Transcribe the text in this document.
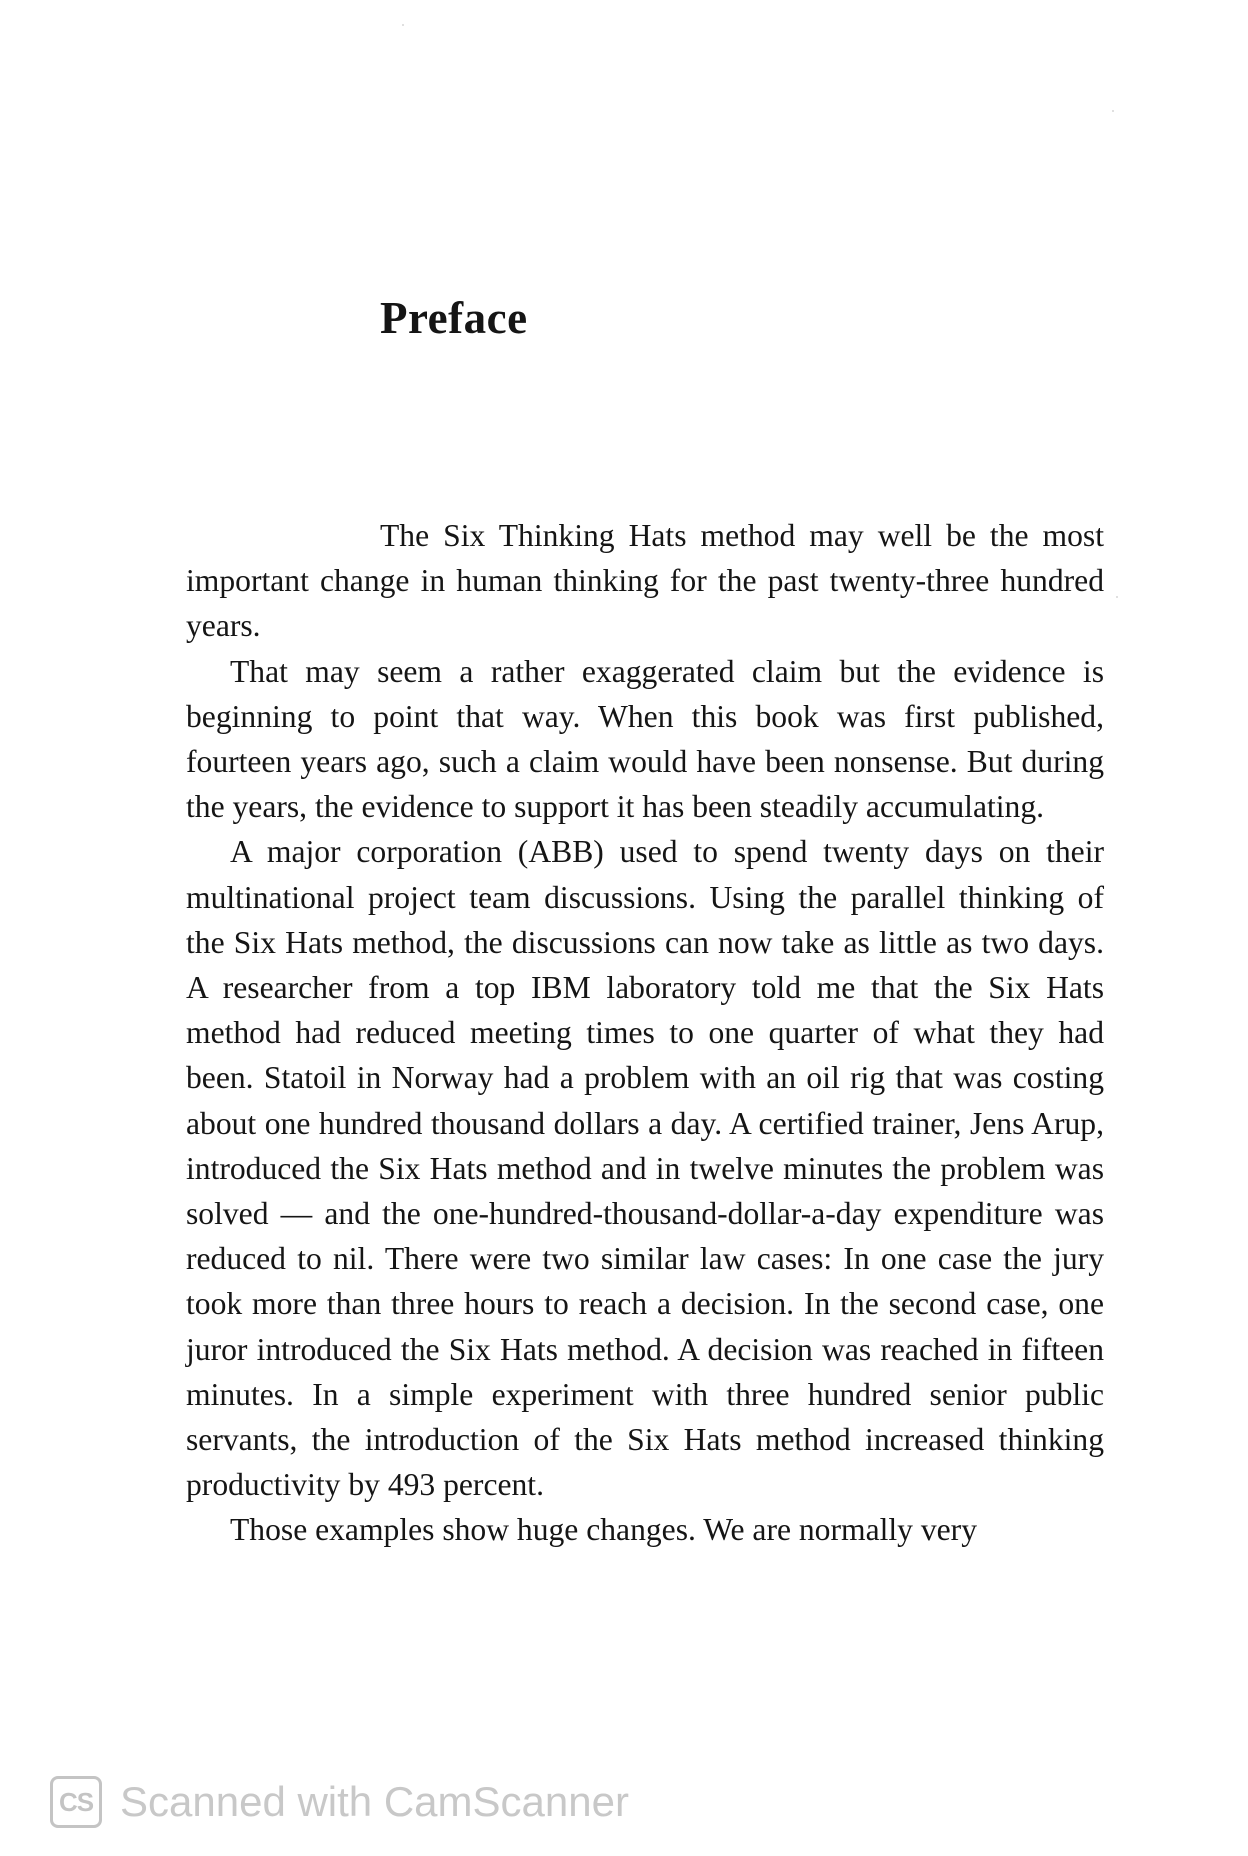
Preface

The Six Thinking Hats method may well be the most important change in human thinking for the past twenty-three hundred years.

That may seem a rather exaggerated claim but the evidence is beginning to point that way. When this book was first published, fourteen years ago, such a claim would have been nonsense. But during the years, the evidence to support it has been steadily accumulating.

A major corporation (ABB) used to spend twenty days on their multinational project team discussions. Using the parallel thinking of the Six Hats method, the discussions can now take as little as two days. A researcher from a top IBM laboratory told me that the Six Hats method had reduced meeting times to one quarter of what they had been. Statoil in Norway had a problem with an oil rig that was costing about one hundred thousand dollars a day. A certified trainer, Jens Arup, introduced the Six Hats method and in twelve minutes the problem was solved — and the one-hundred-thousand-dollar-a-day expenditure was reduced to nil. There were two similar law cases: In one case the jury took more than three hours to reach a decision. In the second case, one juror introduced the Six Hats method. A decision was reached in fifteen minutes. In a simple experiment with three hundred senior public servants, the introduction of the Six Hats method increased thinking productivity by 493 percent.

Those examples show huge changes. We are normally very

CS Scanned with CamScanner
